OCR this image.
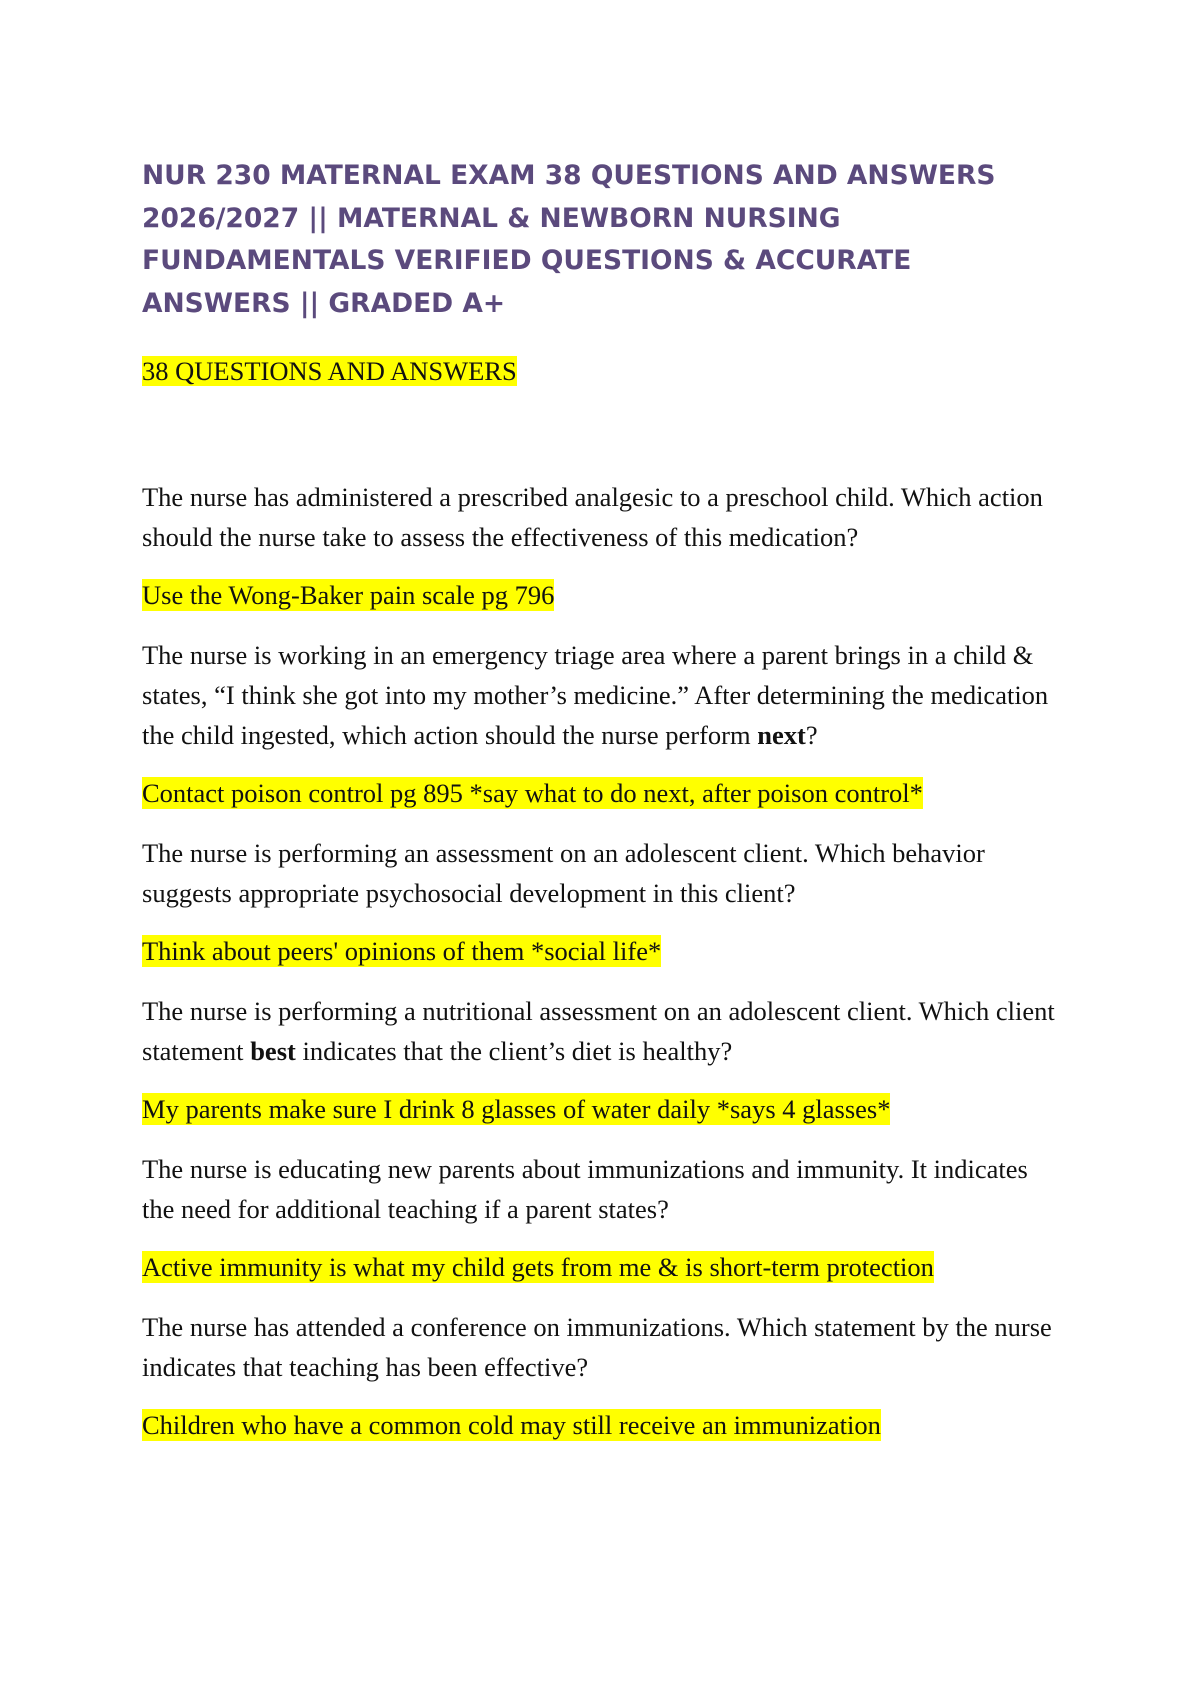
NUR 230 MATERNAL EXAM 38 QUESTIONS AND ANSWERS 2026/2027 || MATERNAL & NEWBORN NURSING FUNDAMENTALS VERIFIED QUESTIONS & ACCURATE ANSWERS || GRADED A+
38 QUESTIONS AND ANSWERS

The nurse has administered a prescribed analgesic to a preschool child. Which action should the nurse take to assess the effectiveness of this medication?

Use the Wong-Baker pain scale pg 796

The nurse is working in an emergency triage area where a parent brings in a child & states, “I think she got into my mother’s medicine.” After determining the medication the child ingested, which action should the nurse perform next?

Contact poison control pg 895 *say what to do next, after poison control*

The nurse is performing an assessment on an adolescent client. Which behavior suggests appropriate psychosocial development in this client?

Think about peers' opinions of them *social life*

The nurse is performing a nutritional assessment on an adolescent client. Which client statement best indicates that the client’s diet is healthy?

My parents make sure I drink 8 glasses of water daily *says 4 glasses*

The nurse is educating new parents about immunizations and immunity. It indicates the need for additional teaching if a parent states?

Active immunity is what my child gets from me & is short-term protection

The nurse has attended a conference on immunizations. Which statement by the nurse indicates that teaching has been effective?

Children who have a common cold may still receive an immunization
